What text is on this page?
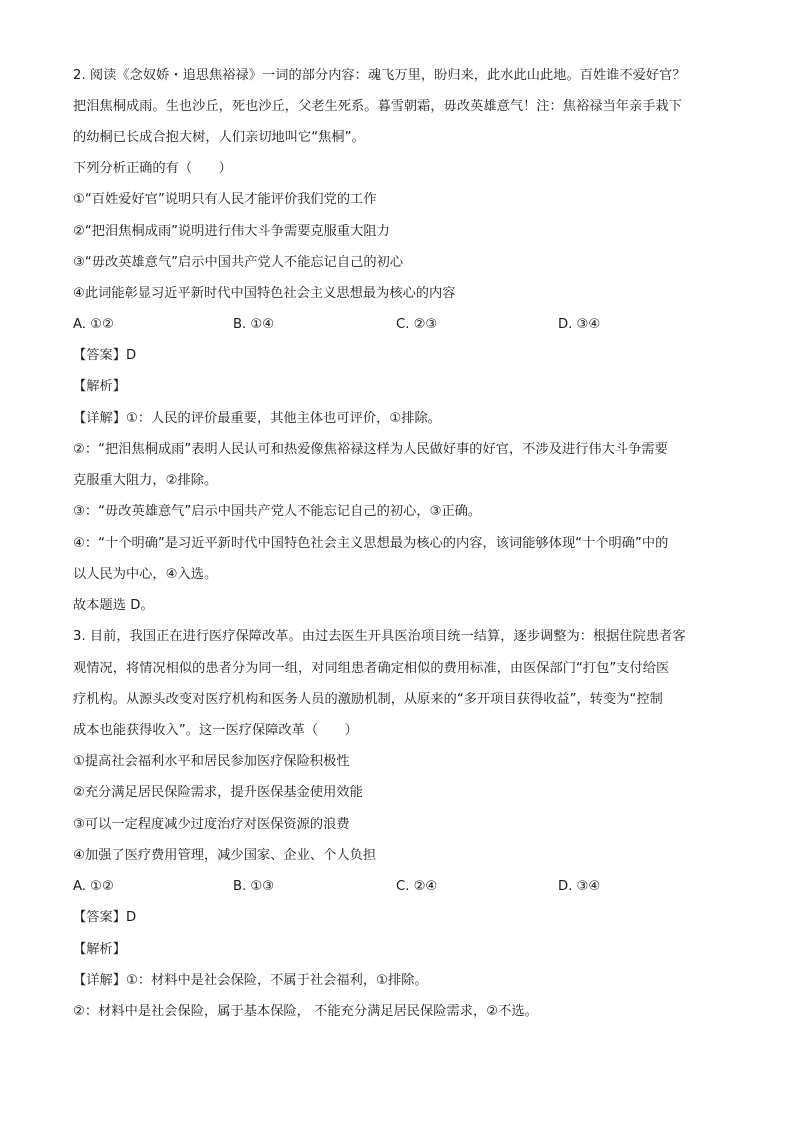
2. 阅读《念奴娇・追思焦裕禄》一词的部分内容：魂飞万里，盼归来，此水此山此地。百姓谁不爱好官？
把泪焦桐成雨。生也沙丘，死也沙丘，父老生死系。暮雪朝霜，毋改英雄意气！注：焦裕禄当年亲手栽下
的幼桐已长成合抱大树，人们亲切地叫它“焦桐”。
下列分析正确的有（　　）
①“百姓爱好官”说明只有人民才能评价我们党的工作
②“把泪焦桐成雨”说明进行伟大斗争需要克服重大阻力
③“毋改英雄意气”启示中国共产党人不能忘记自己的初心
④此词能彰显习近平新时代中国特色社会主义思想最为核心的内容
A. ①②	B. ①④	C. ②③	D. ③④
【答案】D
【解析】
【详解】①：人民的评价最重要，其他主体也可评价，①排除。
②：“把泪焦桐成雨”表明人民认可和热爱像焦裕禄这样为人民做好事的好官，不涉及进行伟大斗争需要
克服重大阻力，②排除。
③：“毋改英雄意气”启示中国共产党人不能忘记自己的初心，③正确。
④：“十个明确”是习近平新时代中国特色社会主义思想最为核心的内容，该词能够体现“十个明确”中的
以人民为中心，④入选。
故本题选 D。
3. 目前，我国正在进行医疗保障改革。由过去医生开具医治项目统一结算，逐步调整为：根据住院患者客
观情况，将情况相似的患者分为同一组，对同组患者确定相似的费用标准，由医保部门“打包”支付给医
疗机构。从源头改变对医疗机构和医务人员的激励机制，从原来的“多开项目获得收益”，转变为“控制
成本也能获得收入”。这一医疗保障改革（　　）
①提高社会福利水平和居民参加医疗保险积极性
②充分满足居民保险需求，提升医保基金使用效能
③可以一定程度减少过度治疗对医保资源的浪费
④加强了医疗费用管理，减少国家、企业、个人负担
A. ①②	B. ①③	C. ②④	D. ③④
【答案】D
【解析】
【详解】①：材料中是社会保险，不属于社会福利，①排除。
②：材料中是社会保险，属于基本保险， 不能充分满足居民保险需求，②不选。
